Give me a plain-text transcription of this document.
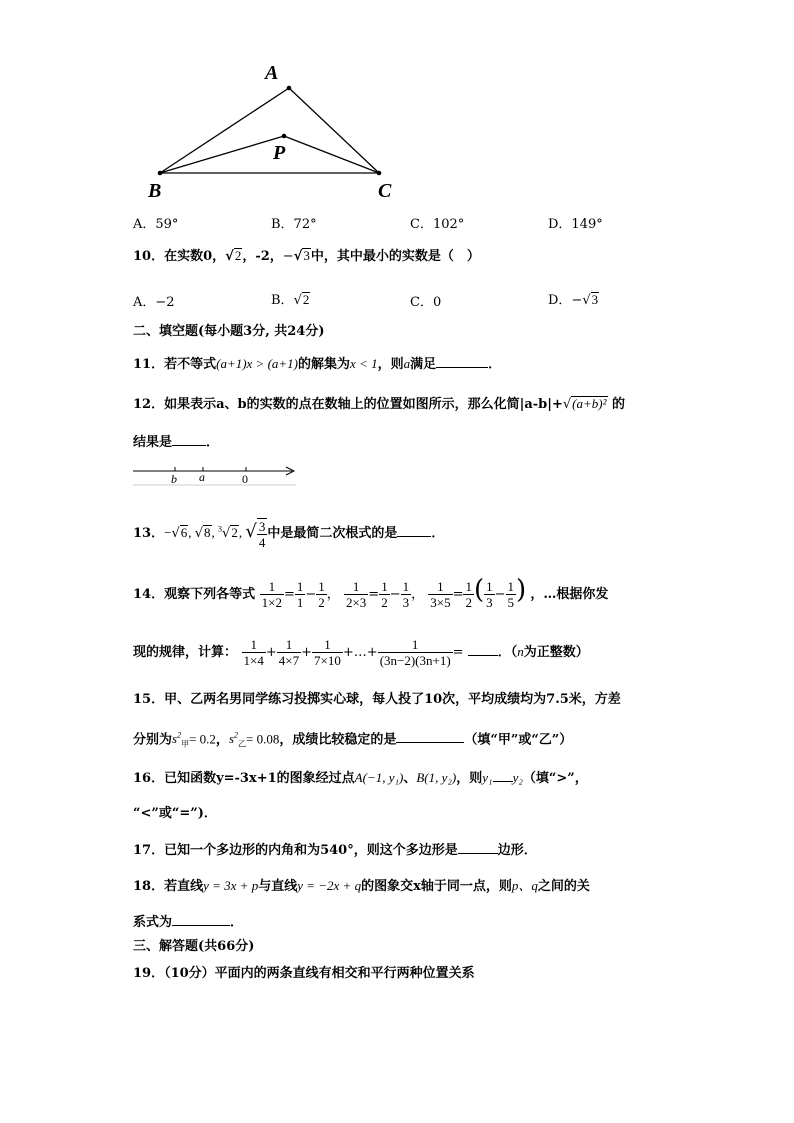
A
P
B	C
A．59°	B．72°	C．102°	D．149°
10．在实数0，√2，-2，−√3中，其中最小的实数是（　）
A．−2	B．√2	C．0	D．−√3
二、填空题(每小题3分, 共24分)
11．若不等式(a+1)x > (a+1)的解集为x < 1，则a满足	．
12．如果表示a、b的实数的点在数轴上的位置如图所示，那么化简|a-b|+√(a+b)² 的
结果是	．
b a	0
13．−√6, √8, $^3$√2, √ $\frac{3}{4}$ 中是最简二次根式的是	．
14．观察下列各等式 $\frac{1}{1\times 2} = \frac{1}{1} - \frac{1}{2}$ ， $\frac{1}{2\times 3} = \frac{1}{2} - \frac{1}{3}$ ， $\frac{1}{3\times 5} = \frac{1}{2}$ ( $\frac{1}{3} - \frac{1}{5}$ ) ，…根据你发
现的规律，计算： $\frac{1}{1\times 4} + \frac{1}{4\times 7} + \frac{1}{7\times 10}$ +…+ $\frac{1}{(3n-2)(3n+1)}$ = ．（n为正整数）
15．甲、乙两名男同学练习投掷实心球，每人投了10次，平均成绩均为7.5米，方差
分别为$s^2_甲= 0.2$，$s^2_乙= 0.08$，成绩比较稳定的是	（填“甲”或“乙”）
16．已知函数y=-3x+1的图象经过点A(−1, y₁)、B(1, y₂)，则y₁ y₂（填“>”，
“<”或“=”)．
17．已知一个多边形的内角和为540°，则这个多边形是	边形．
18．若直线y = 3x + p与直线y = −2x + q的图象交x轴于同一点，则p、q之间的关
系式为	．
三、解答题(共66分)
19．（10分）平面内的两条直线有相交和平行两种位置关系
